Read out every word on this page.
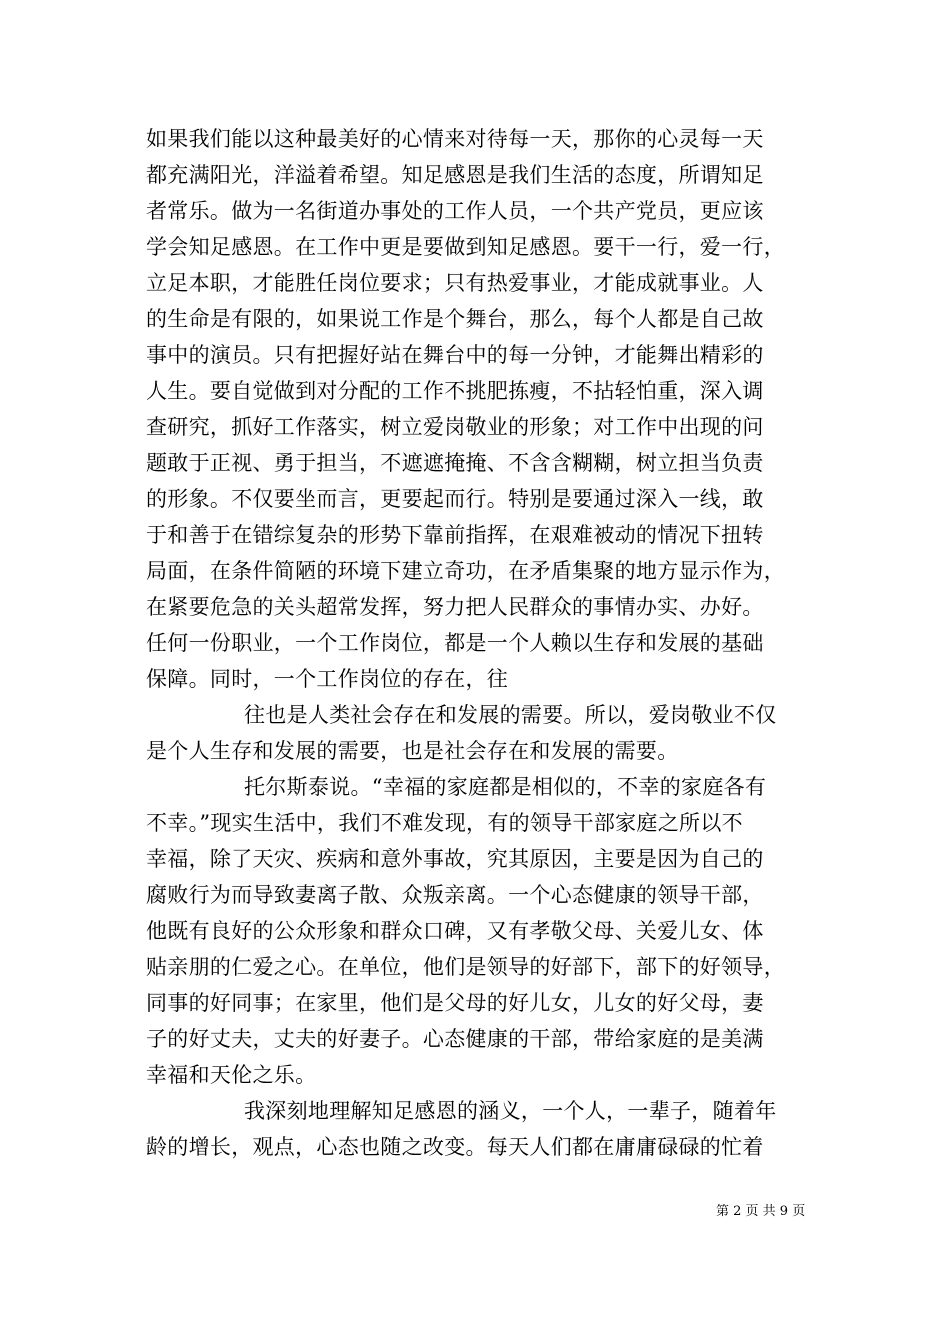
如果我们能以这种最美好的心情来对待每一天，那你的心灵每一天
都充满阳光，洋溢着希望。知足感恩是我们生活的态度，所谓知足
者常乐。做为一名街道办事处的工作人员，一个共产党员，更应该
学会知足感恩。在工作中更是要做到知足感恩。要干一行，爱一行，
立足本职，才能胜任岗位要求；只有热爱事业，才能成就事业。人
的生命是有限的，如果说工作是个舞台，那么，每个人都是自己故
事中的演员。只有把握好站在舞台中的每一分钟，才能舞出精彩的
人生。要自觉做到对分配的工作不挑肥拣瘦，不拈轻怕重，深入调
查研究，抓好工作落实，树立爱岗敬业的形象；对工作中出现的问
题敢于正视、勇于担当，不遮遮掩掩、不含含糊糊，树立担当负责
的形象。不仅要坐而言，更要起而行。特别是要通过深入一线，敢
于和善于在错综复杂的形势下靠前指挥，在艰难被动的情况下扭转
局面，在条件简陋的环境下建立奇功，在矛盾集聚的地方显示作为，
在紧要危急的关头超常发挥，努力把人民群众的事情办实、办好。
任何一份职业，一个工作岗位，都是一个人赖以生存和发展的基础
保障。同时，一个工作岗位的存在，往
往也是人类社会存在和发展的需要。所以，爱岗敬业不仅
是个人生存和发展的需要，也是社会存在和发展的需要。
托尔斯泰说。“幸福的家庭都是相似的，不幸的家庭各有
不幸。”现实生活中，我们不难发现，有的领导干部家庭之所以不
幸福，除了天灾、疾病和意外事故，究其原因，主要是因为自己的
腐败行为而导致妻离子散、众叛亲离。一个心态健康的领导干部，
他既有良好的公众形象和群众口碑，又有孝敬父母、关爱儿女、体
贴亲朋的仁爱之心。在单位，他们是领导的好部下，部下的好领导，
同事的好同事；在家里，他们是父母的好儿女，儿女的好父母，妻
子的好丈夫，丈夫的好妻子。心态健康的干部，带给家庭的是美满
幸福和天伦之乐。
我深刻地理解知足感恩的涵义，一个人，一辈子，随着年
龄的增长，观点，心态也随之改变。每天人们都在庸庸碌碌的忙着
第 2 页 共 9 页
